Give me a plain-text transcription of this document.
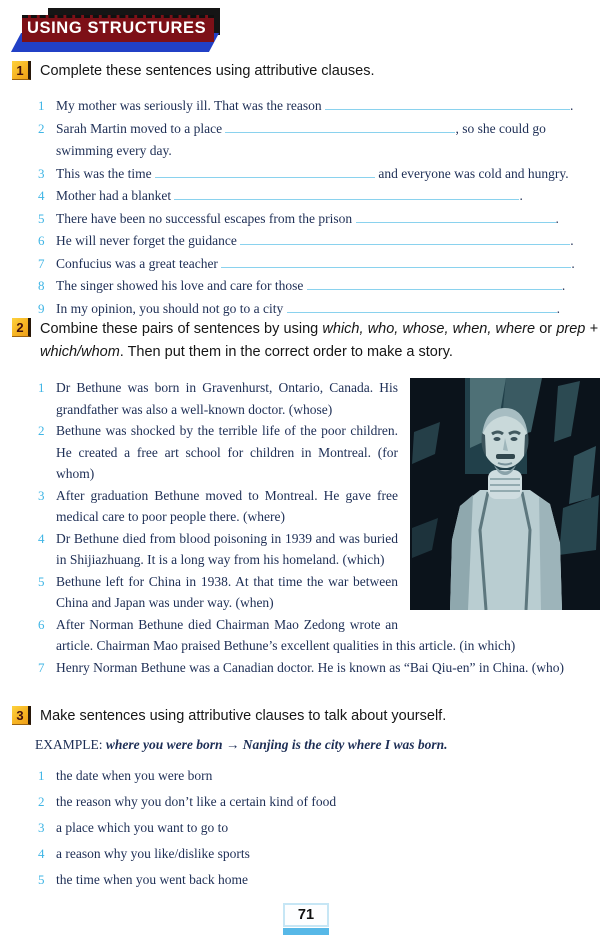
USING STRUCTURES
1	Complete these sentences using attributive clauses.
1 My mother was seriously ill. That was the reason	.
2 Sarah Martin moved to a place	, so she could go swimming every day.
3 This was the time	and everyone was cold and hungry.
4 Mother had a blanket	.
5 There have been no successful escapes from the prison	.
6 He will never forget the guidance	.
7 Confucius was a great teacher	.
8 The singer showed his love and care for those	.
9 In my opinion, you should not go to a city	.
2	Combine these pairs of sentences by using which, who, whose, when, where or prep + which/whom. Then put them in the correct order to make a story.
1 Dr Bethune was born in Gravenhurst, Ontario, Canada. His grandfather was also a well-known doctor. (whose)
2 Bethune was shocked by the terrible life of the poor children. He created a free art school for children in Montreal. (for whom)
3 After graduation Bethune moved to Montreal. He gave free medical care to poor people there. (where)
4 Dr Bethune died from blood poisoning in 1939 and was buried in Shijiazhuang. It is a long way from his homeland. (which)
5 Bethune left for China in 1938. At that time the war between China and Japan was under way. (when)
6 After Norman Bethune died Chairman Mao Zedong wrote an article. Chairman Mao praised Bethune’s excellent qualities in this article. (in which)
7 Henry Norman Bethune was a Canadian doctor. He is known as “Bai Qiu-en” in China. (who)
3	Make sentences using attributive clauses to talk about yourself.
EXAMPLE: where you were born → Nanjing is the city where I was born.
1 the date when you were born
2 the reason why you don’t like a certain kind of food
3 a place which you want to go to
4 a reason why you like/dislike sports
5 the time when you went back home
71
